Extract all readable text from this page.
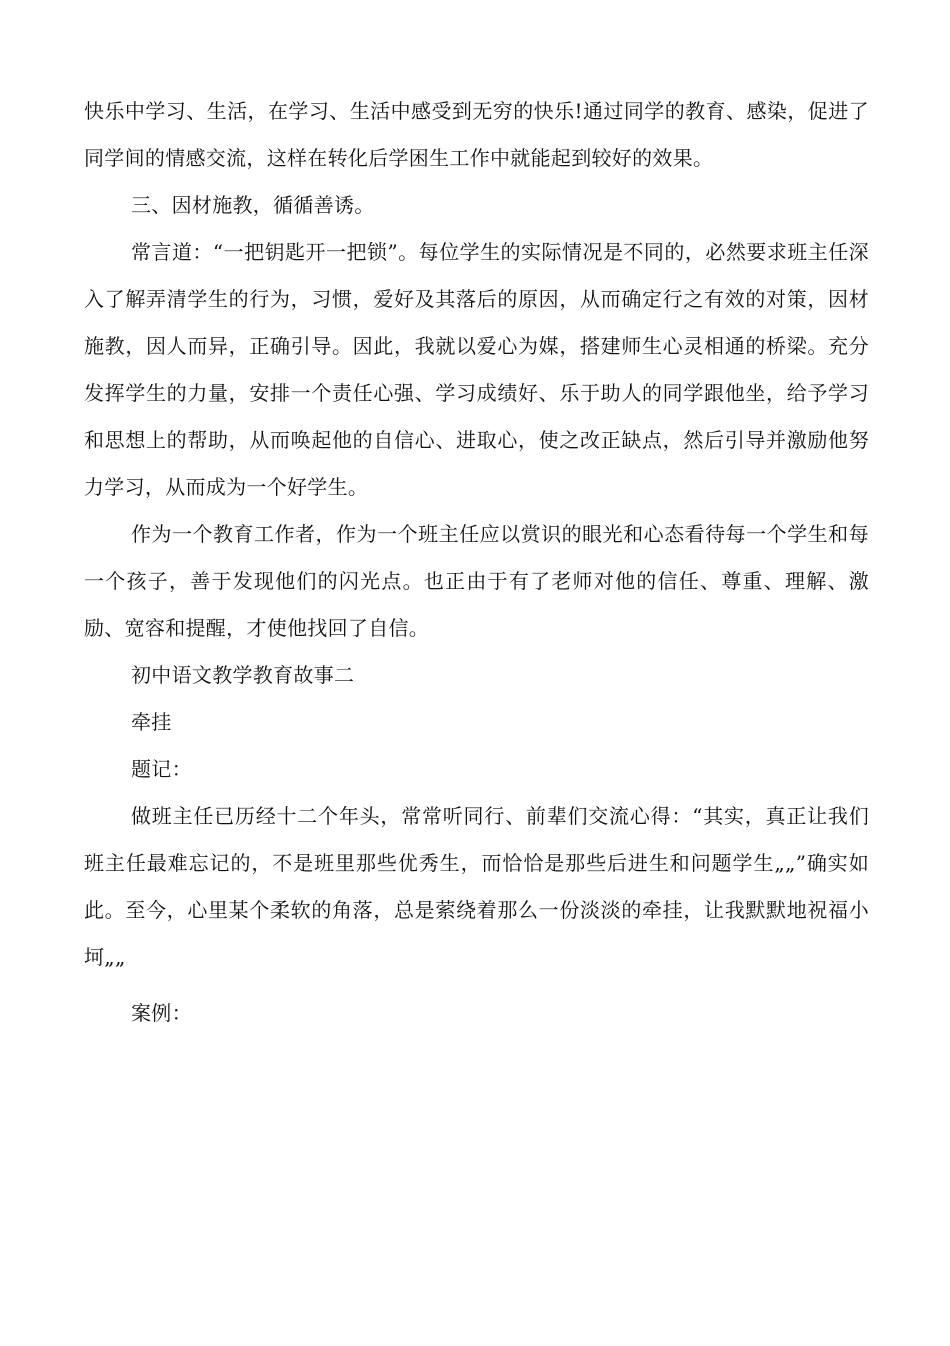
快乐中学习、生活，在学习、生活中感受到无穷的快乐!通过同学的教育、感染，促进了同学间的情感交流，这样在转化后学困生工作中就能起到较好的效果。

三、因材施教，循循善诱。

常言道：“一把钥匙开一把锁”。每位学生的实际情况是不同的，必然要求班主任深入了解弄清学生的行为，习惯，爱好及其落后的原因，从而确定行之有效的对策，因材施教，因人而异，正确引导。因此，我就以爱心为媒，搭建师生心灵相通的桥梁。充分发挥学生的力量，安排一个责任心强、学习成绩好、乐于助人的同学跟他坐，给予学习和思想上的帮助，从而唤起他的自信心、进取心，使之改正缺点，然后引导并激励他努力学习，从而成为一个好学生。

作为一个教育工作者，作为一个班主任应以赏识的眼光和心态看待每一个学生和每一个孩子，善于发现他们的闪光点。也正由于有了老师对他的信任、尊重、理解、激励、宽容和提醒，才使他找回了自信。

初中语文教学教育故事二

牵挂

题记：

做班主任已历经十二个年头，常常听同行、前辈们交流心得：“其实，真正让我们班主任最难忘记的，不是班里那些优秀生，而恰恰是那些后进生和问题学生„„”确实如此。至今，心里某个柔软的角落，总是萦绕着那么一份淡淡的牵挂，让我默默地祝福小坷„„

案例：
